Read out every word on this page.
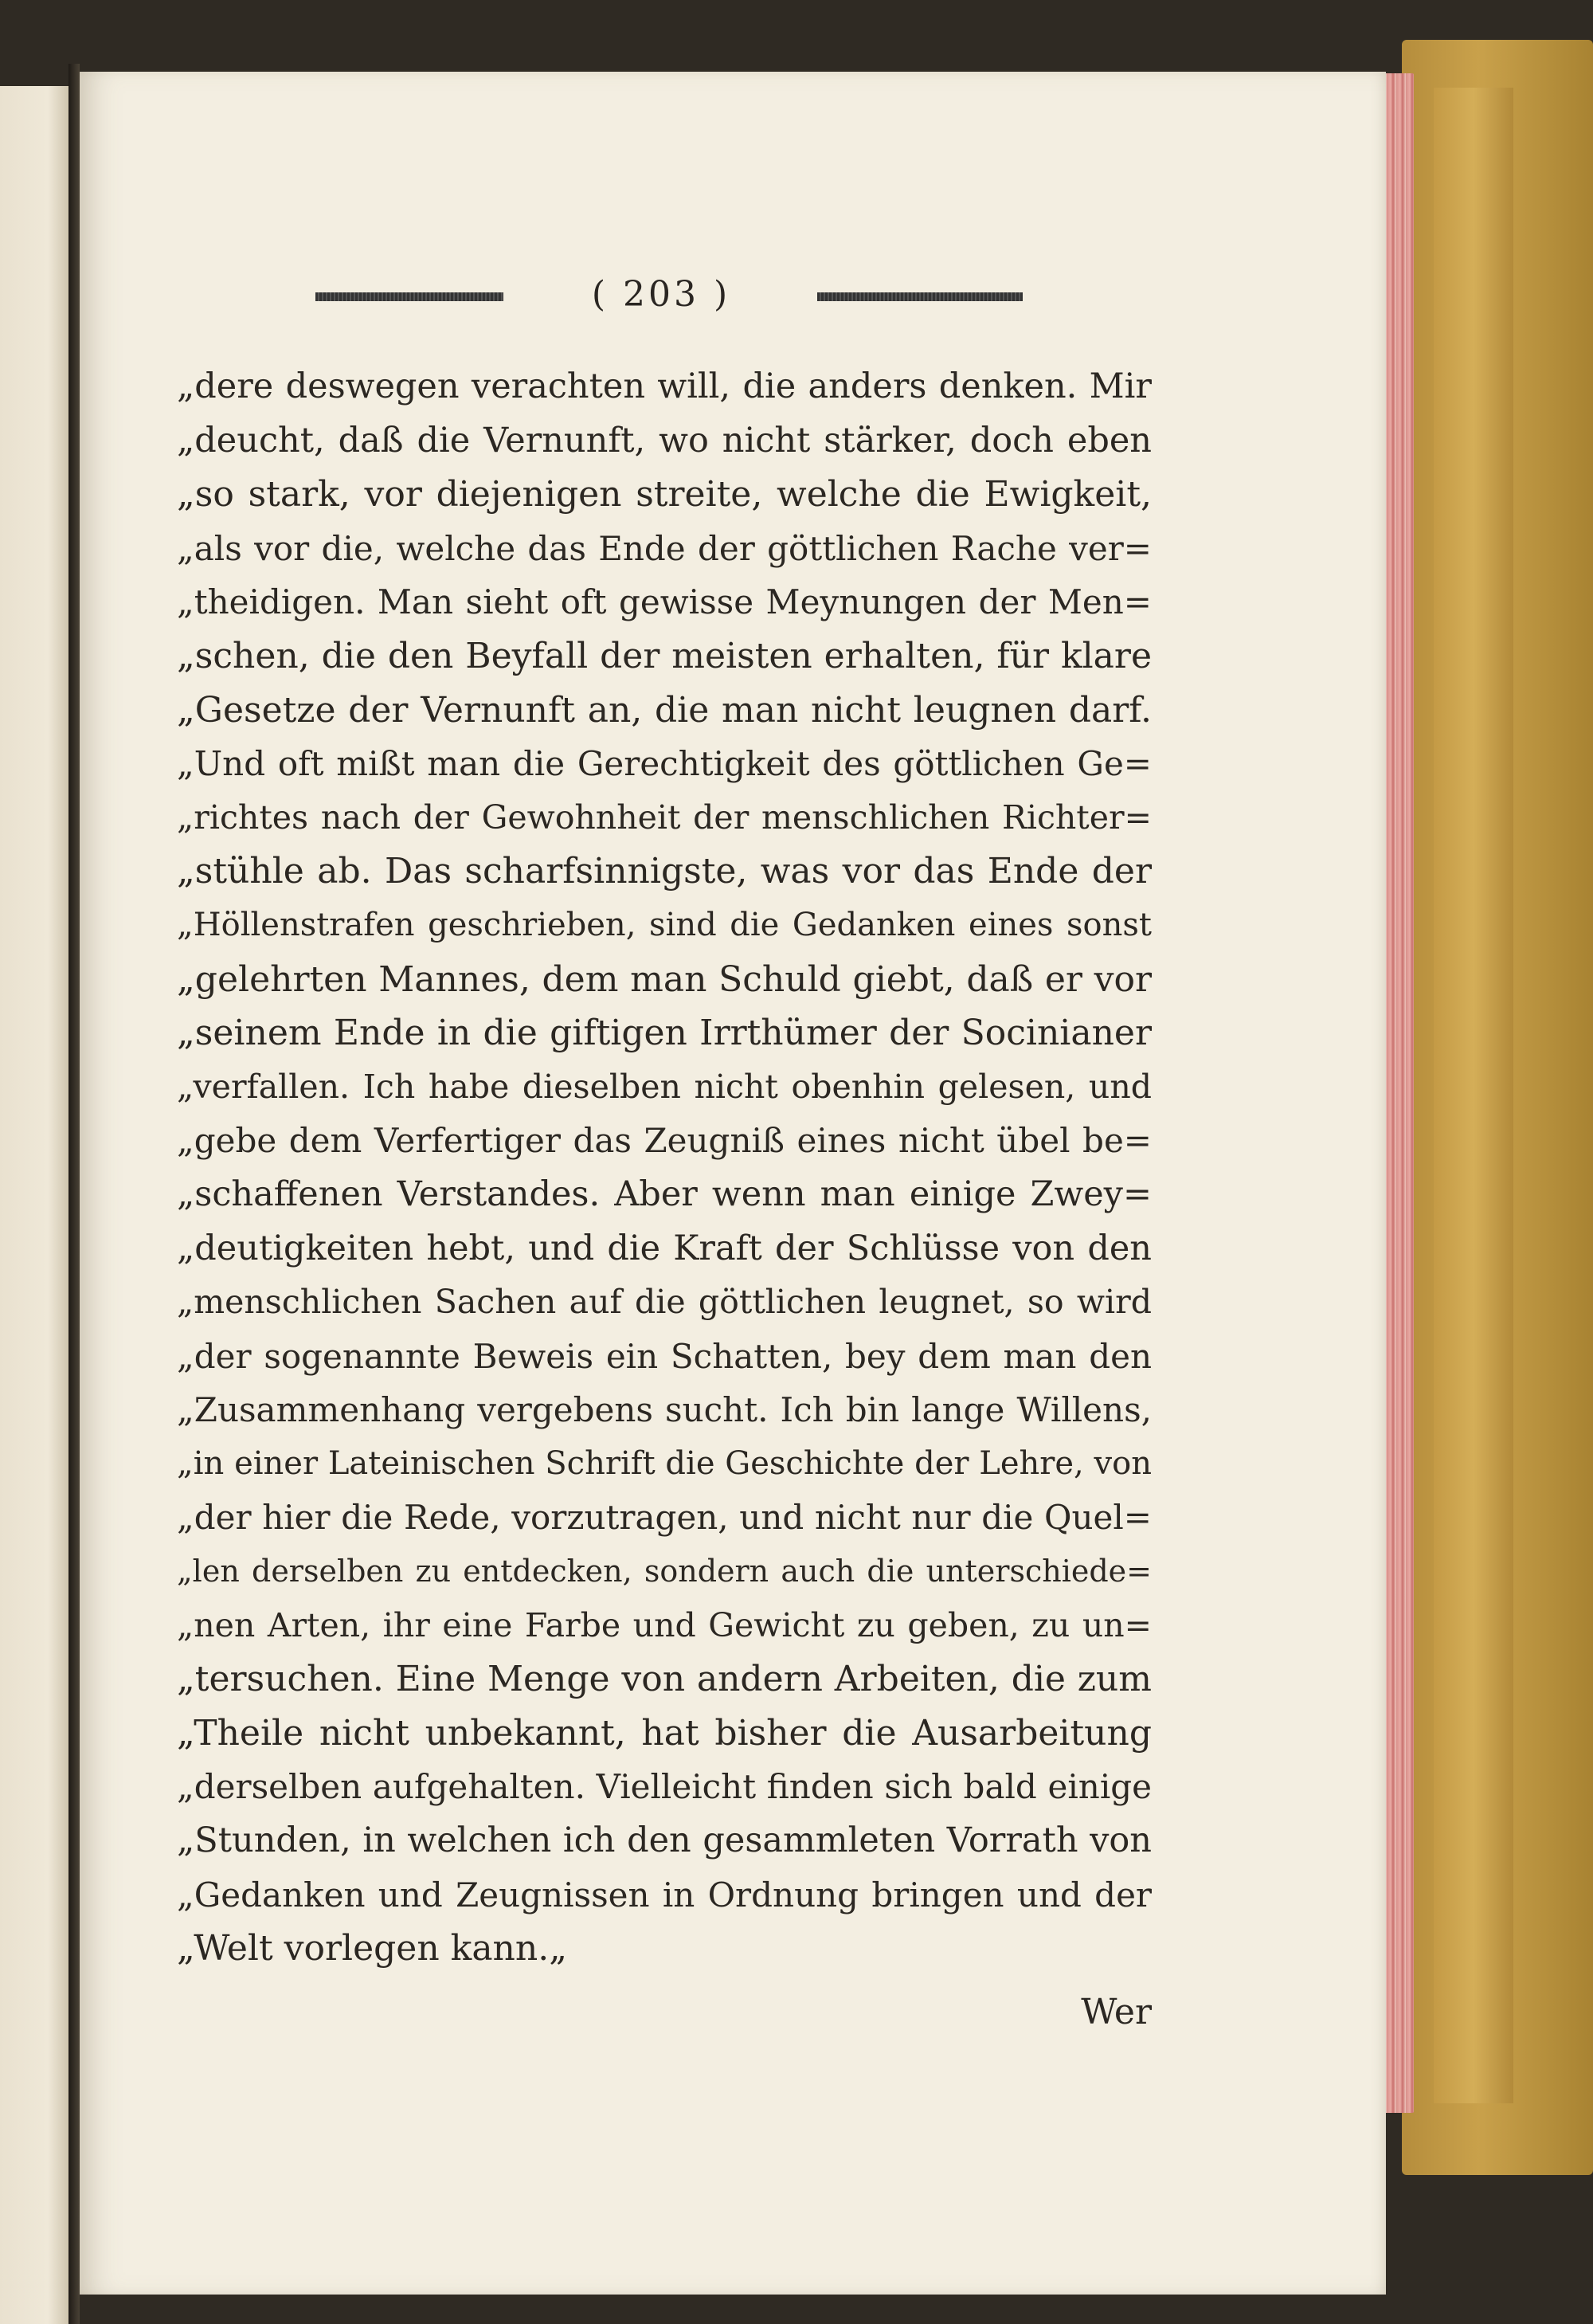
( 203 )
„dere deswegen verachten will, die anders denken. Mir
„deucht, daß die Vernunft, wo nicht stärker, doch eben
„so stark, vor diejenigen streite, welche die Ewigkeit,
„als vor die, welche das Ende der göttlichen Rache ver=
„theidigen. Man sieht oft gewisse Meynungen der Men=
„schen, die den Beyfall der meisten erhalten, für klare
„Gesetze der Vernunft an, die man nicht leugnen darf.
„Und oft mißt man die Gerechtigkeit des göttlichen Ge=
„richtes nach der Gewohnheit der menschlichen Richter=
„stühle ab. Das scharfsinnigste, was vor das Ende der
„Höllenstrafen geschrieben, sind die Gedanken eines sonst
„gelehrten Mannes, dem man Schuld giebt, daß er vor
„seinem Ende in die giftigen Irrthümer der Socinianer
„verfallen. Ich habe dieselben nicht obenhin gelesen, und
„gebe dem Verfertiger das Zeugniß eines nicht übel be=
„schaffenen Verstandes. Aber wenn man einige Zwey=
„deutigkeiten hebt, und die Kraft der Schlüsse von den
„menschlichen Sachen auf die göttlichen leugnet, so wird
„der sogenannte Beweis ein Schatten, bey dem man den
„Zusammenhang vergebens sucht. Ich bin lange Willens,
„in einer Lateinischen Schrift die Geschichte der Lehre, von
„der hier die Rede, vorzutragen, und nicht nur die Quel=
„len derselben zu entdecken, sondern auch die unterschiede=
„nen Arten, ihr eine Farbe und Gewicht zu geben, zu un=
„tersuchen. Eine Menge von andern Arbeiten, die zum
„Theile nicht unbekannt, hat bisher die Ausarbeitung
„derselben aufgehalten. Vielleicht finden sich bald einige
„Stunden, in welchen ich den gesammleten Vorrath von
„Gedanken und Zeugnissen in Ordnung bringen und der
„Welt vorlegen kann.„
Wer
